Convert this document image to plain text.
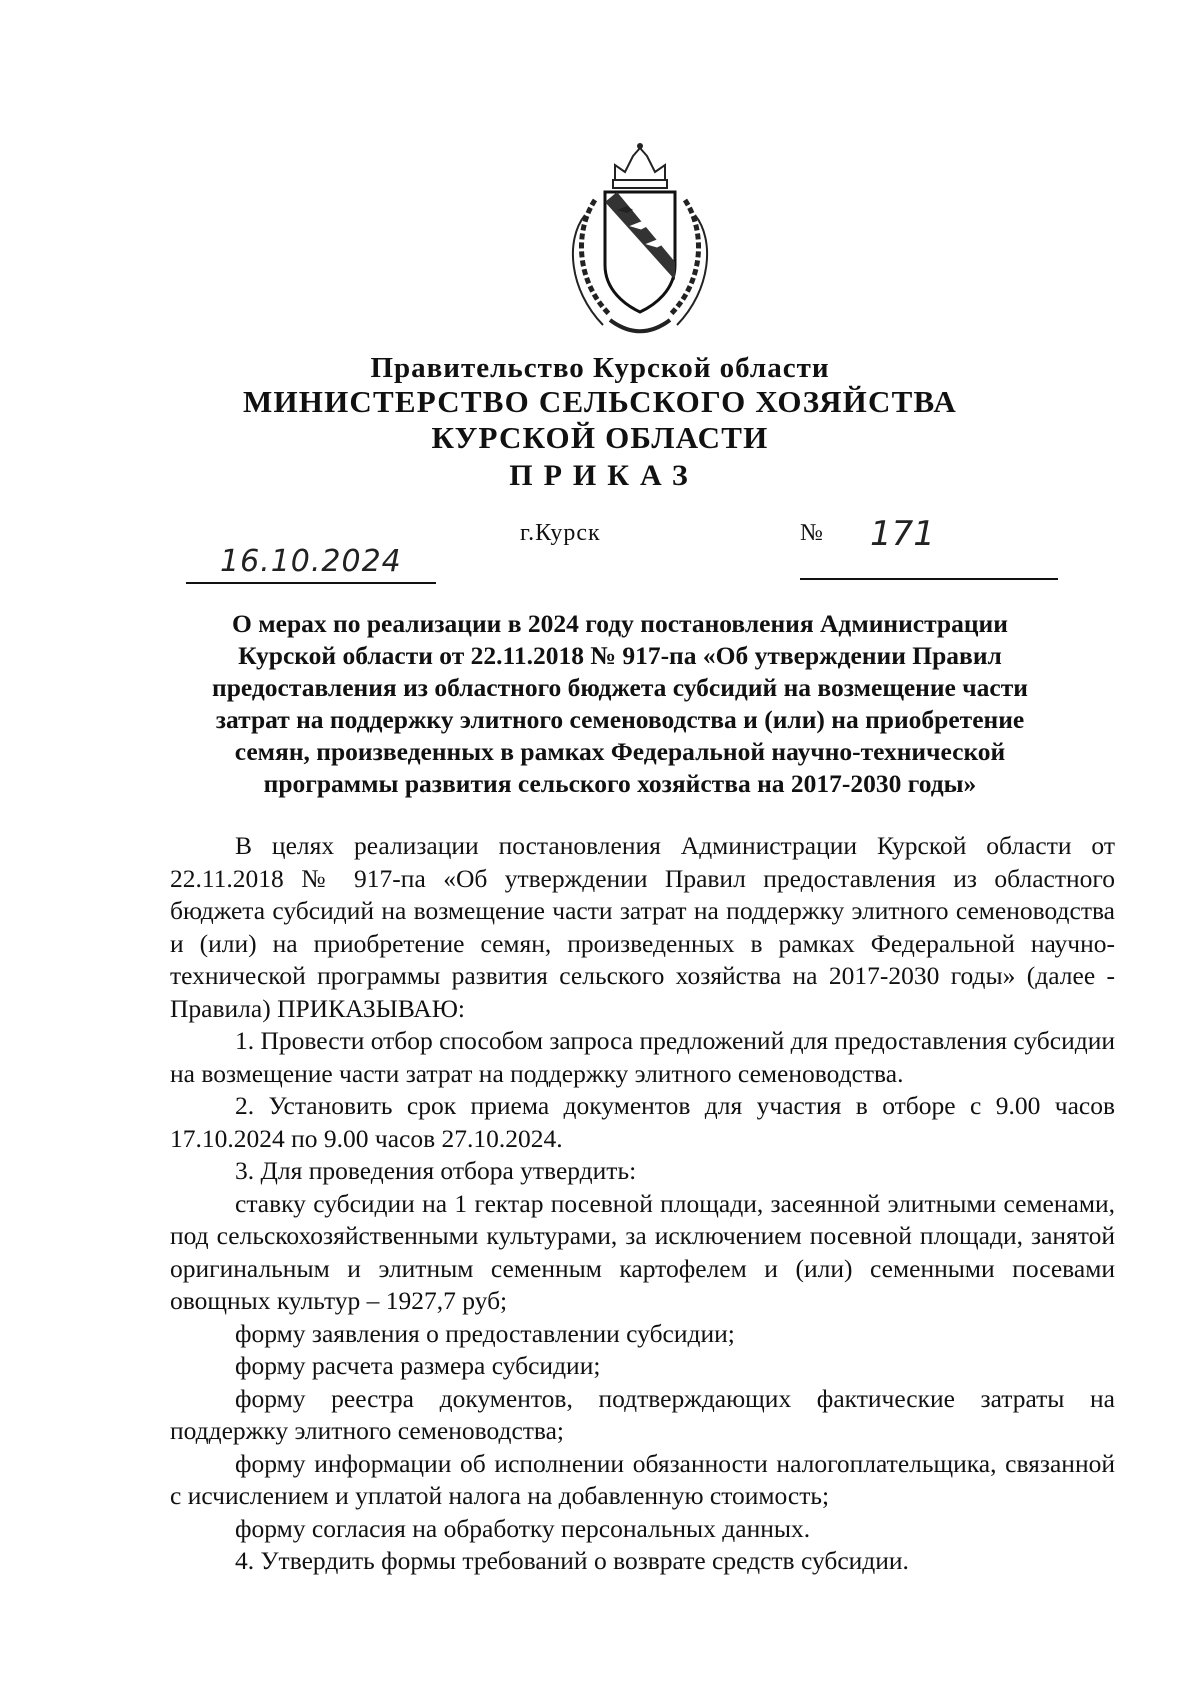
Правительство Курской области
МИНИСТЕРСТВО СЕЛЬСКОГО ХОЗЯЙСТВА
КУРСКОЙ ОБЛАСТИ
ПРИКАЗ
16.10.2024
г.Курск	№ 171
О мерах по реализации в 2024 году постановления Администрации
Курской области от 22.11.2018 № 917-па «Об утверждении Правил
предоставления из областного бюджета субсидий на возмещение части
затрат на поддержку элитного семеноводства и (или) на приобретение
семян, произведенных в рамках Федеральной научно-технической
программы развития сельского хозяйства на 2017-2030 годы»

В целях реализации постановления Администрации Курской области от 22.11.2018 № 917-па «Об утверждении Правил предоставления из областного бюджета субсидий на возмещение части затрат на поддержку элитного семеноводства и (или) на приобретение семян, произведенных в рамках Федеральной научно-технической программы развития сельского хозяйства на 2017-2030 годы» (далее - Правила) ПРИКАЗЫВАЮ:

1. Провести отбор способом запроса предложений для предоставления субсидии на возмещение части затрат на поддержку элитного семеноводства.

2. Установить срок приема документов для участия в отборе с 9.00 часов 17.10.2024 по 9.00 часов 27.10.2024.

3. Для проведения отбора утвердить:

ставку субсидии на 1 гектар посевной площади, засеянной элитными семенами, под сельскохозяйственными культурами, за исключением посевной площади, занятой оригинальным и элитным семенным картофелем и (или) семенными посевами овощных культур – 1927,7 руб;

форму заявления о предоставлении субсидии;

форму расчета размера субсидии;

форму реестра документов, подтверждающих фактические затраты на поддержку элитного семеноводства;

форму информации об исполнении обязанности налогоплательщика, связанной с исчислением и уплатой налога на добавленную стоимость;

форму согласия на обработку персональных данных.

4. Утвердить формы требований о возврате средств субсидии.
